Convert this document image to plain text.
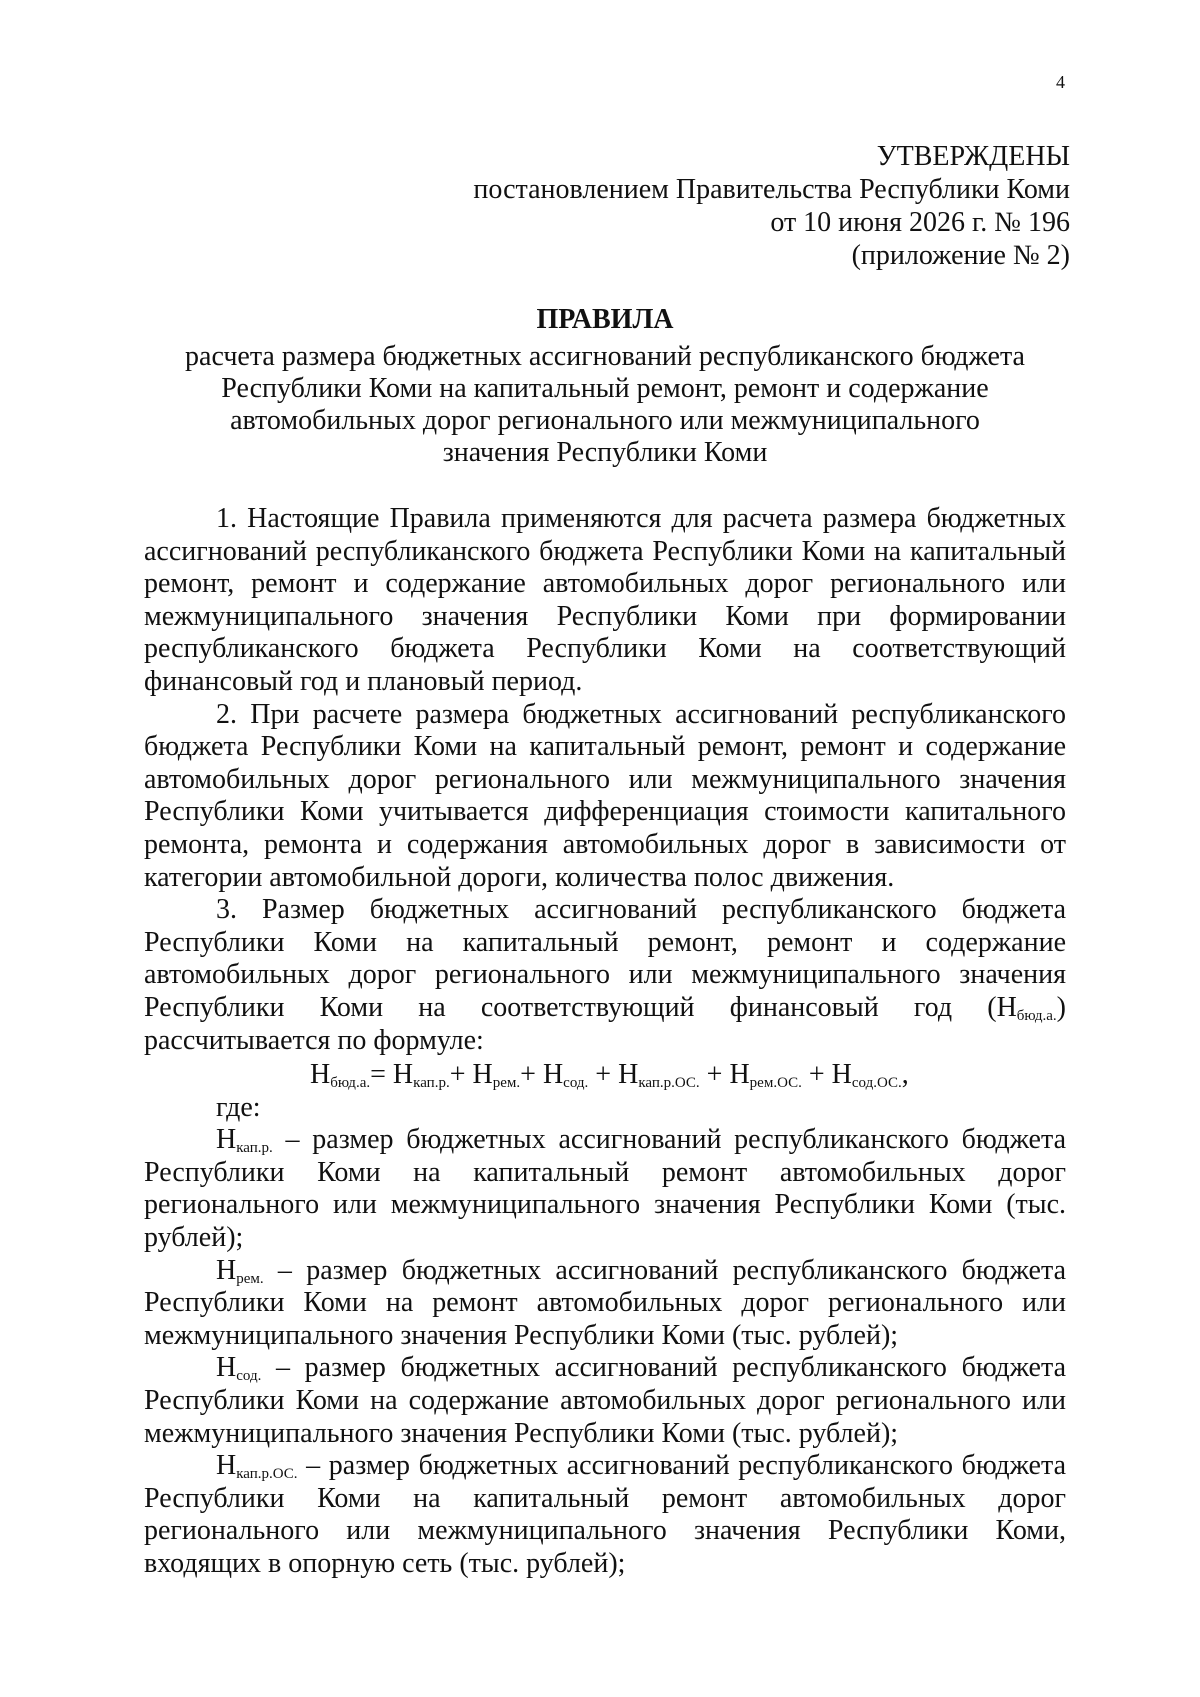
4
УТВЕРЖДЕНЫ
постановлением Правительства Республики Коми
от 10 июня 2026 г. № 196
(приложение № 2)
ПРАВИЛА
расчета размера бюджетных ассигнований республиканского бюджета
Республики Коми на капитальный ремонт, ремонт и содержание
автомобильных дорог регионального или межмуниципального
значения Республики Коми

1. Настоящие Правила применяются для расчета размера бюджетных ассигнований республиканского бюджета Республики Коми на капитальный ремонт, ремонт и содержание автомобильных дорог регионального или межмуниципального значения Республики Коми при формировании республиканского бюджета Республики Коми на соответствующий финансовый год и плановый период.

2. При расчете размера бюджетных ассигнований республиканского бюджета Республики Коми на капитальный ремонт, ремонт и содержание автомобильных дорог регионального или межмуниципального значения Республики Коми учитывается дифференциация стоимости капитального ремонта, ремонта и содержания автомобильных дорог в зависимости от категории автомобильной дороги, количества полос движения.

3. Размер бюджетных ассигнований республиканского бюджета Республики Коми на капитальный ремонт, ремонт и содержание автомобильных дорог регионального или межмуниципального значения Республики Коми на соответствующий финансовый год $(Н_{бюд.а.})$ рассчитывается по формуле:

$Н_{бюд.а.}= Н_{кап.р.}+ Н_{рем.}+ Н_{сод.} + Н_{кап.р.ОС.} + Н_{рем.ОС.} + Н_{сод.ОС.}$,

где:

$Н_{кап.р.}$ – размер бюджетных ассигнований республиканского бюджета Республики Коми на капитальный ремонт автомобильных дорог регионального или межмуниципального значения Республики Коми (тыс. рублей);

$Н_{рем.}$ – размер бюджетных ассигнований республиканского бюджета Республики Коми на ремонт автомобильных дорог регионального или межмуниципального значения Республики Коми (тыс. рублей);

$Н_{сод.}$ – размер бюджетных ассигнований республиканского бюджета Республики Коми на содержание автомобильных дорог регионального или межмуниципального значения Республики Коми (тыс. рублей);

$Н_{кап.р.ОС.}$ – размер бюджетных ассигнований республиканского бюджета Республики Коми на капитальный ремонт автомобильных дорог регионального или межмуниципального значения Республики Коми, входящих в опорную сеть (тыс. рублей);
